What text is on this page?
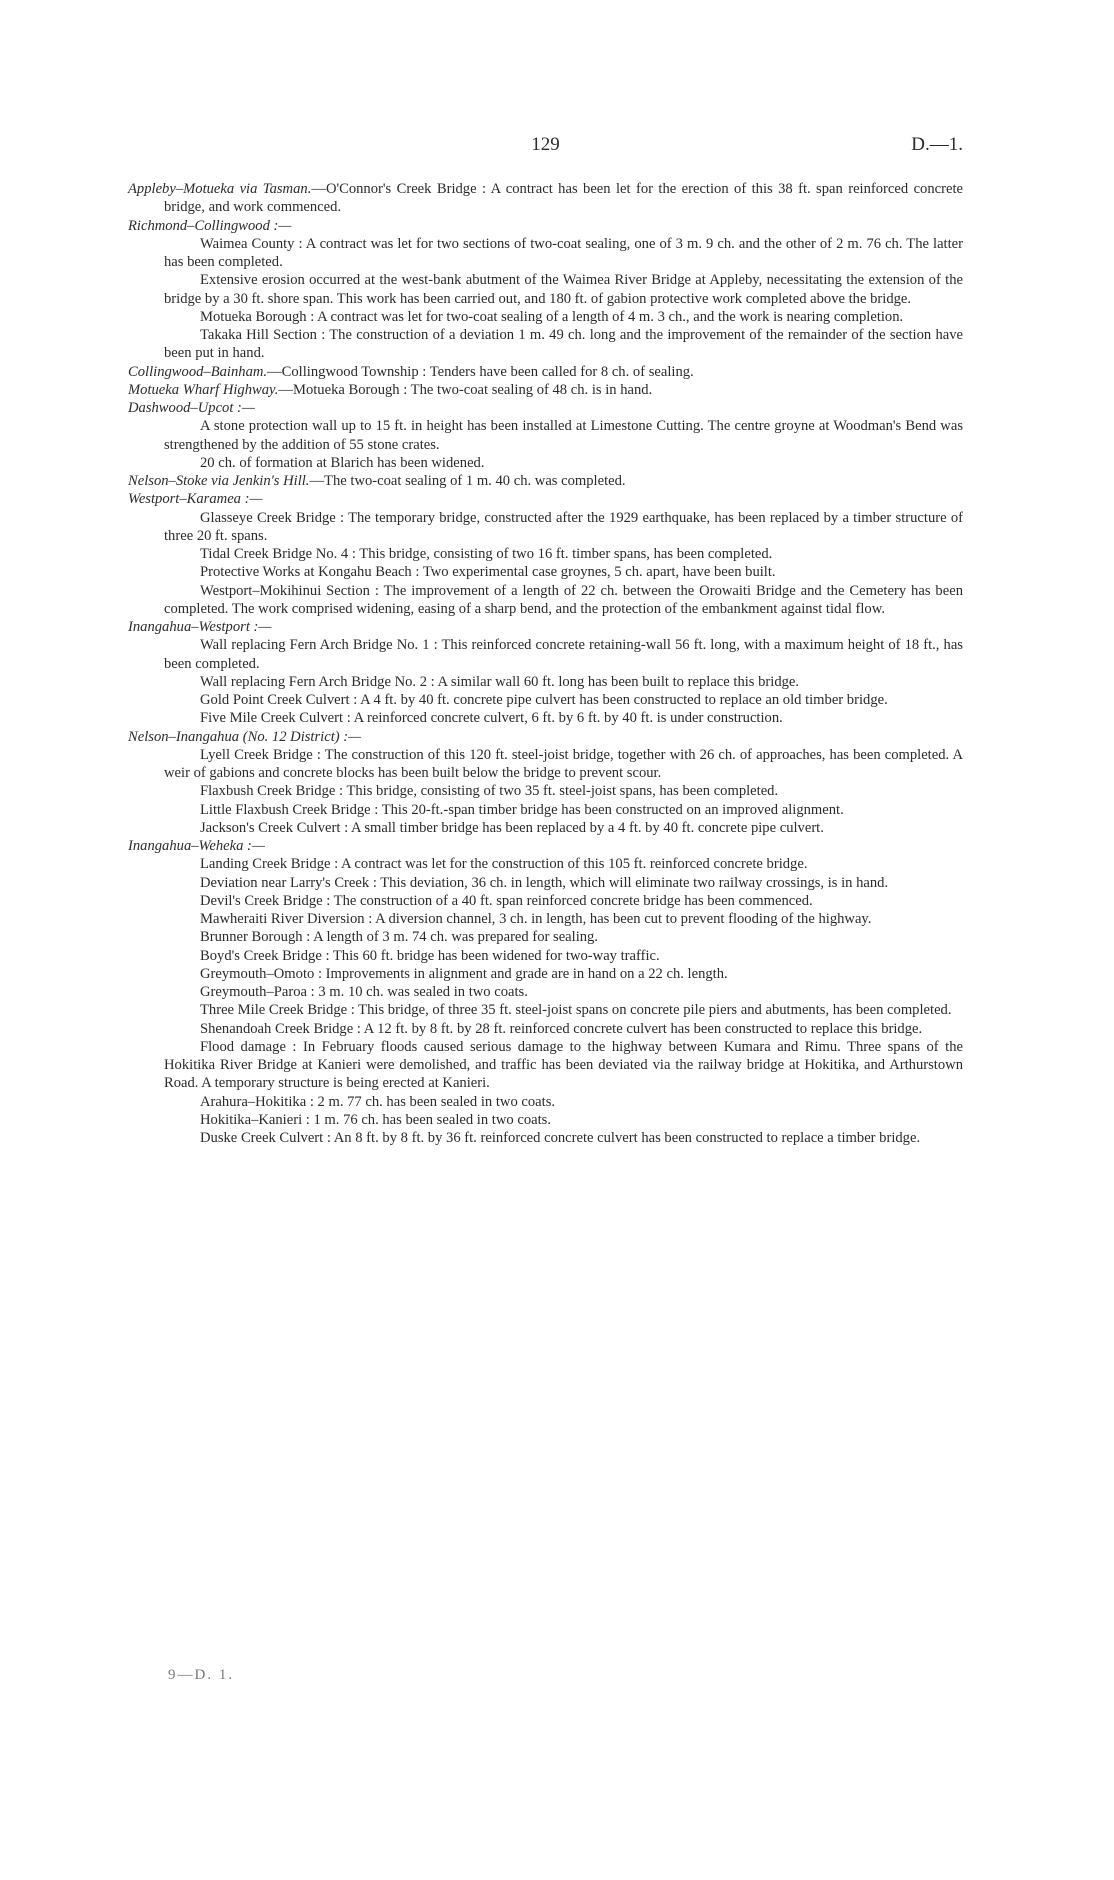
129	D.—1.

Appleby–Motueka via Tasman.—O'Connor's Creek Bridge : A contract has been let for the erection of this 38 ft. span reinforced concrete bridge, and work commenced.

Richmond–Collingwood :—

Waimea County : A contract was let for two sections of two-coat sealing, one of 3 m. 9 ch. and the other of 2 m. 76 ch. The latter has been completed.

Extensive erosion occurred at the west-bank abutment of the Waimea River Bridge at Appleby, necessitating the extension of the bridge by a 30 ft. shore span. This work has been carried out, and 180 ft. of gabion protective work completed above the bridge.

Motueka Borough : A contract was let for two-coat sealing of a length of 4 m. 3 ch., and the work is nearing completion.

Takaka Hill Section : The construction of a deviation 1 m. 49 ch. long and the improvement of the remainder of the section have been put in hand.

Collingwood–Bainham.—Collingwood Township : Tenders have been called for 8 ch. of sealing.

Motueka Wharf Highway.—Motueka Borough : The two-coat sealing of 48 ch. is in hand.

Dashwood–Upcot :—

A stone protection wall up to 15 ft. in height has been installed at Limestone Cutting. The centre groyne at Woodman's Bend was strengthened by the addition of 55 stone crates.

20 ch. of formation at Blarich has been widened.

Nelson–Stoke via Jenkin's Hill.—The two-coat sealing of 1 m. 40 ch. was completed.

Westport–Karamea :—

Glasseye Creek Bridge : The temporary bridge, constructed after the 1929 earthquake, has been replaced by a timber structure of three 20 ft. spans.

Tidal Creek Bridge No. 4 : This bridge, consisting of two 16 ft. timber spans, has been completed.

Protective Works at Kongahu Beach : Two experimental case groynes, 5 ch. apart, have been built.

Westport–Mokihinui Section : The improvement of a length of 22 ch. between the Orowaiti Bridge and the Cemetery has been completed. The work comprised widening, easing of a sharp bend, and the protection of the embankment against tidal flow.

Inangahua–Westport :—

Wall replacing Fern Arch Bridge No. 1 : This reinforced concrete retaining-wall 56 ft. long, with a maximum height of 18 ft., has been completed.

Wall replacing Fern Arch Bridge No. 2 : A similar wall 60 ft. long has been built to replace this bridge.

Gold Point Creek Culvert : A 4 ft. by 40 ft. concrete pipe culvert has been constructed to replace an old timber bridge.

Five Mile Creek Culvert : A reinforced concrete culvert, 6 ft. by 6 ft. by 40 ft. is under construction.

Nelson–Inangahua (No. 12 District) :—

Lyell Creek Bridge : The construction of this 120 ft. steel-joist bridge, together with 26 ch. of approaches, has been completed. A weir of gabions and concrete blocks has been built below the bridge to prevent scour.

Flaxbush Creek Bridge : This bridge, consisting of two 35 ft. steel-joist spans, has been completed.

Little Flaxbush Creek Bridge : This 20-ft.-span timber bridge has been constructed on an improved alignment.

Jackson's Creek Culvert : A small timber bridge has been replaced by a 4 ft. by 40 ft. concrete pipe culvert.

Inangahua–Weheka :—

Landing Creek Bridge : A contract was let for the construction of this 105 ft. reinforced concrete bridge.

Deviation near Larry's Creek : This deviation, 36 ch. in length, which will eliminate two railway crossings, is in hand.

Devil's Creek Bridge : The construction of a 40 ft. span reinforced concrete bridge has been commenced.

Mawheraiti River Diversion : A diversion channel, 3 ch. in length, has been cut to prevent flooding of the highway.

Brunner Borough : A length of 3 m. 74 ch. was prepared for sealing.

Boyd's Creek Bridge : This 60 ft. bridge has been widened for two-way traffic.

Greymouth–Omoto : Improvements in alignment and grade are in hand on a 22 ch. length.

Greymouth–Paroa : 3 m. 10 ch. was sealed in two coats.

Three Mile Creek Bridge : This bridge, of three 35 ft. steel-joist spans on concrete pile piers and abutments, has been completed.

Shenandoah Creek Bridge : A 12 ft. by 8 ft. by 28 ft. reinforced concrete culvert has been constructed to replace this bridge.

Flood damage : In February floods caused serious damage to the highway between Kumara and Rimu. Three spans of the Hokitika River Bridge at Kanieri were demolished, and traffic has been deviated via the railway bridge at Hokitika, and Arthurstown Road. A temporary structure is being erected at Kanieri.

Arahura–Hokitika : 2 m. 77 ch. has been sealed in two coats.

Hokitika–Kanieri : 1 m. 76 ch. has been sealed in two coats.

Duske Creek Culvert : An 8 ft. by 8 ft. by 36 ft. reinforced concrete culvert has been constructed to replace a timber bridge.

9—D. 1.
